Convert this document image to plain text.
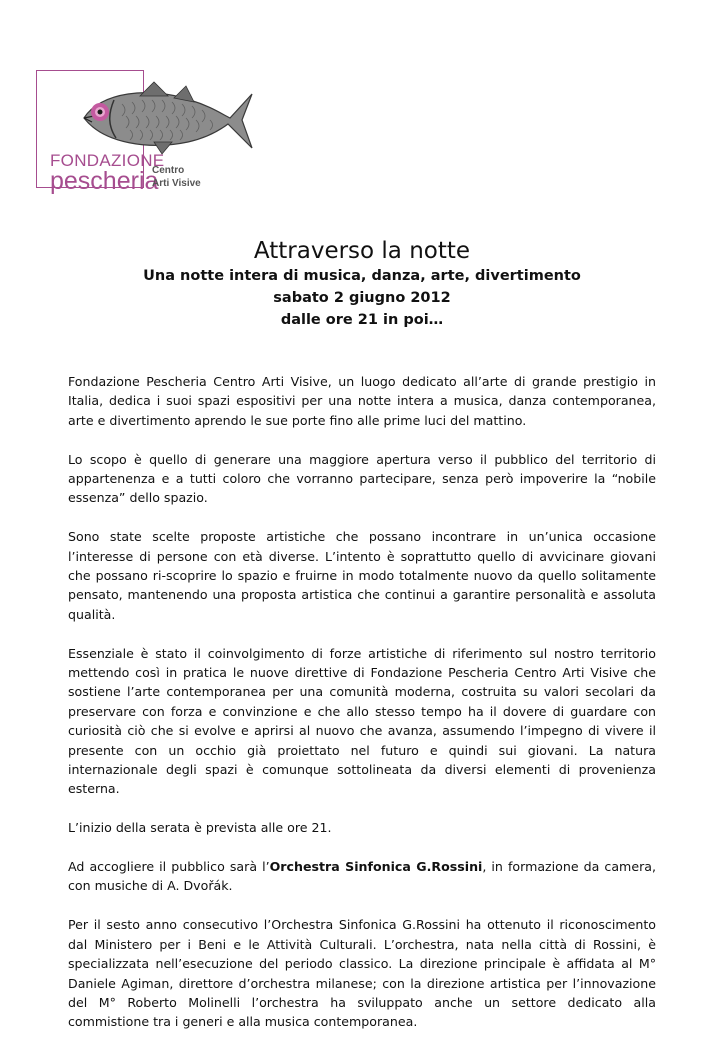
FONDAZIONE
pescheria
Centro
Arti Visive
Attraverso la notte

Una notte intera di musica, danza, arte, divertimento

sabato 2 giugno 2012

dalle ore 21 in poi…

Fondazione Pescheria Centro Arti Visive, un luogo dedicato all’arte di grande prestigio in Italia, dedica i suoi spazi espositivi per una notte intera a musica, danza contemporanea, arte e divertimento aprendo le sue porte fino alle prime luci del mattino.

Lo scopo è quello di generare una maggiore apertura verso il pubblico del territorio di appartenenza e a tutti coloro che vorranno partecipare, senza però impoverire la “nobile essenza” dello spazio.

Sono state scelte proposte artistiche che possano incontrare in un’unica occasione l’interesse di persone con età diverse. L’intento è soprattutto quello di avvicinare giovani che possano ri-scoprire lo spazio e fruirne in modo totalmente nuovo da quello solitamente pensato, mantenendo una proposta artistica che continui a garantire personalità e assoluta qualità.

Essenziale è stato il coinvolgimento di forze artistiche di riferimento sul nostro territorio mettendo così in pratica le nuove direttive di Fondazione Pescheria Centro Arti Visive che sostiene l’arte contemporanea per una comunità moderna, costruita su valori secolari da preservare con forza e convinzione e che allo stesso tempo ha il dovere di guardare con curiosità ciò che si evolve e aprirsi al nuovo che avanza, assumendo l’impegno di vivere il presente con un occhio già proiettato nel futuro e quindi sui giovani. La natura internazionale degli spazi è comunque sottolineata da diversi elementi di provenienza esterna.

L’inizio della serata è prevista alle ore 21.

Ad accogliere il pubblico sarà l’Orchestra Sinfonica G.Rossini, in formazione da camera, con musiche di A. Dvořák.

Per il sesto anno consecutivo l’Orchestra Sinfonica G.Rossini ha ottenuto il riconoscimento dal Ministero per i Beni e le Attività Culturali. L’orchestra, nata nella città di Rossini, è specializzata nell’esecuzione del periodo classico. La direzione principale è affidata al M° Daniele Agiman, direttore d’orchestra milanese; con la direzione artistica per l’innovazione del M° Roberto Molinelli l’orchestra ha sviluppato anche un settore dedicato alla commistione tra i generi e alla musica contemporanea.
